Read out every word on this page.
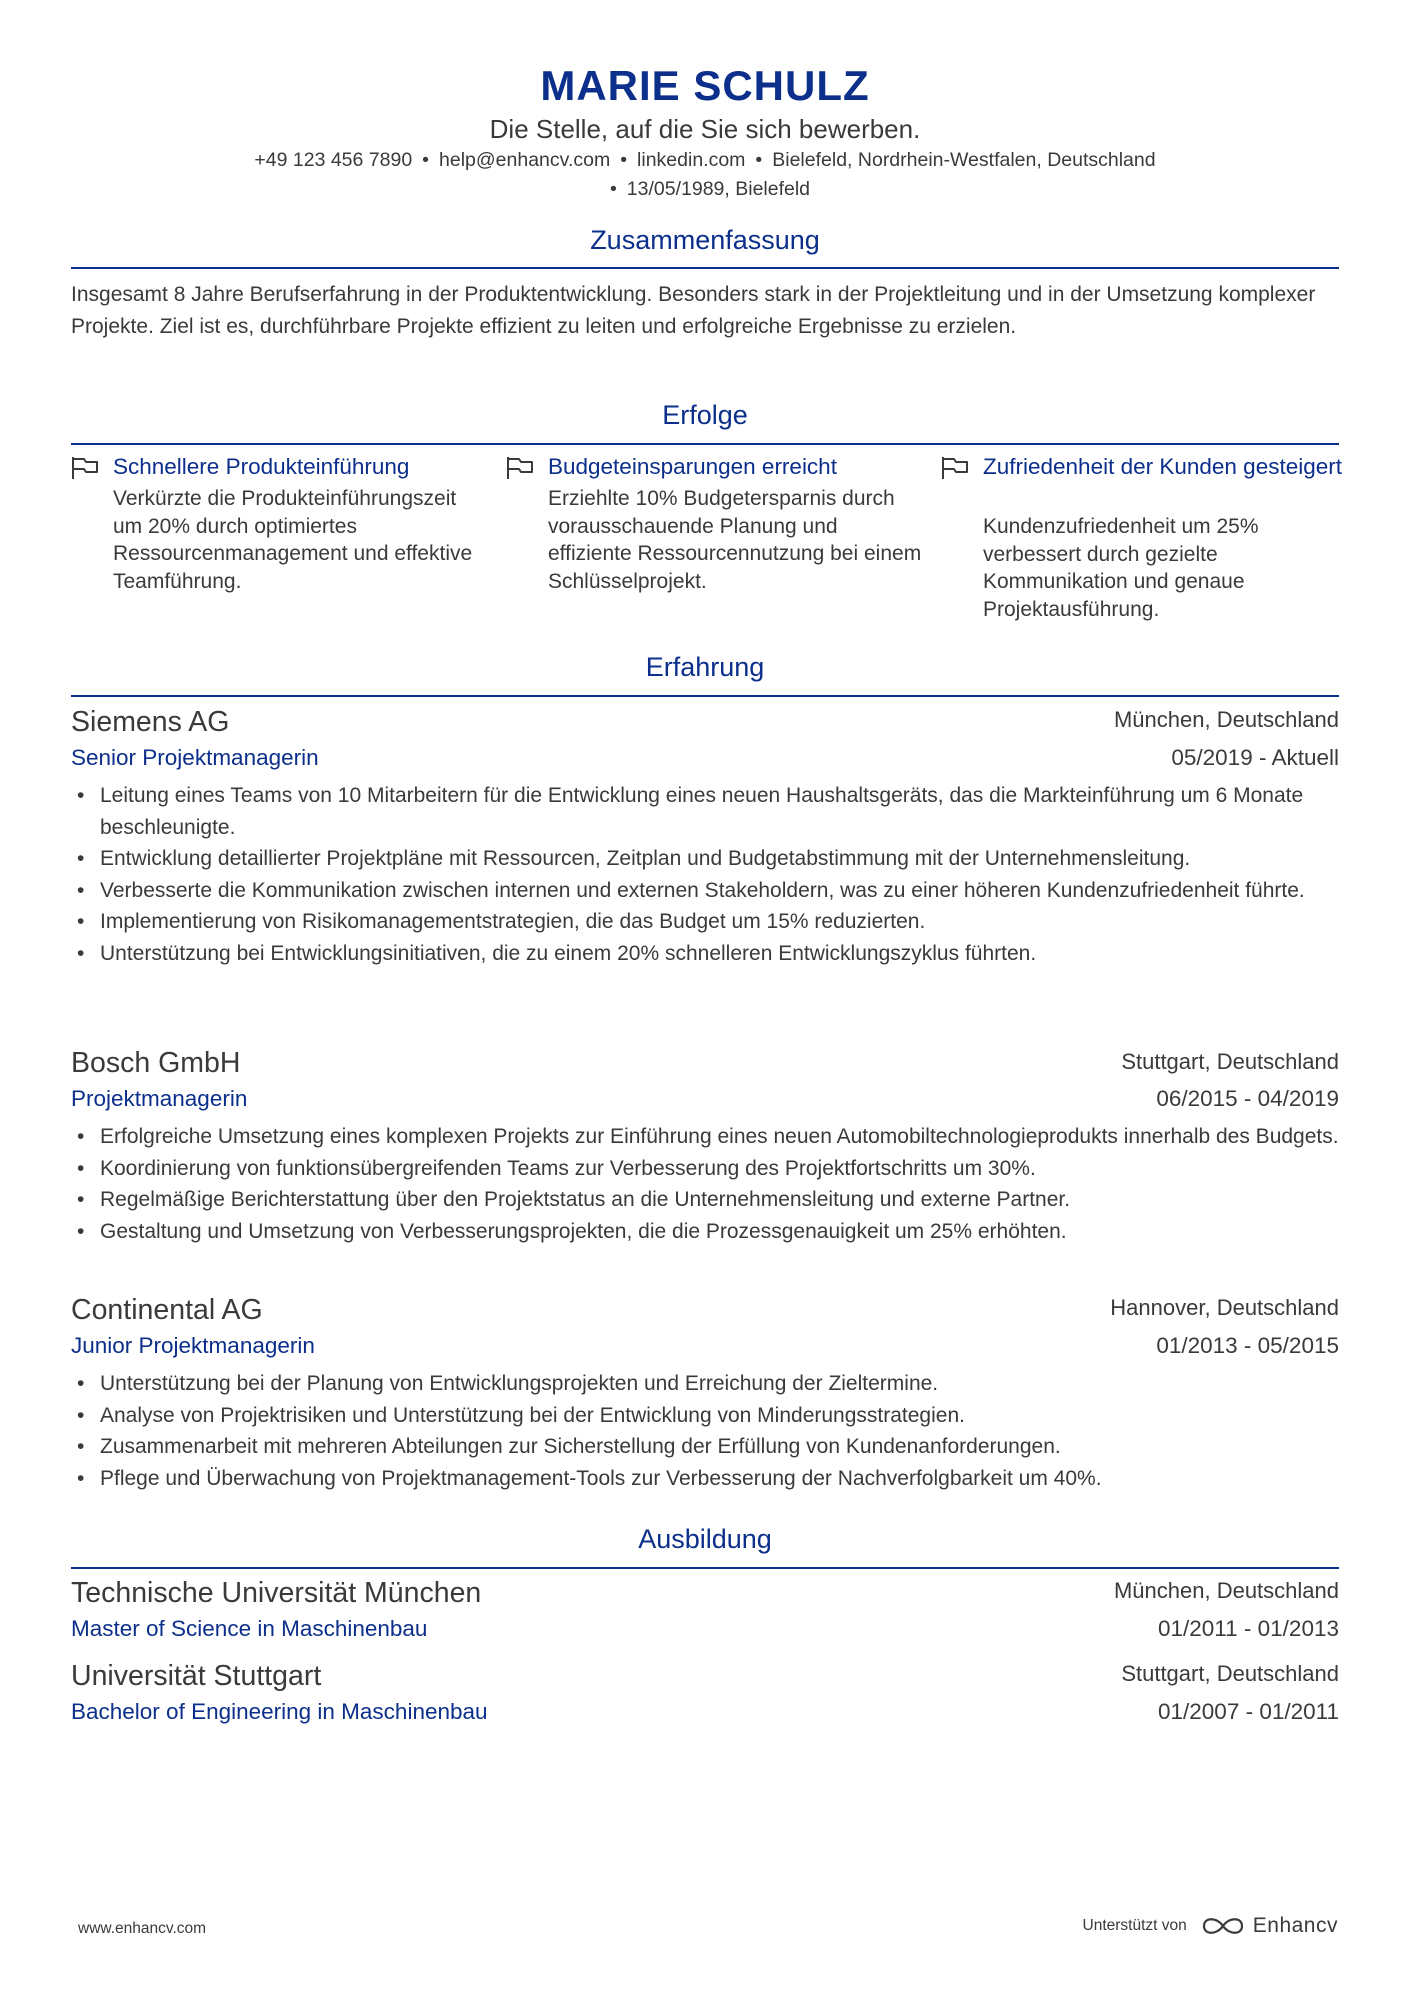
MARIE SCHULZ
Die Stelle, auf die Sie sich bewerben.
+49 123 456 7890 • help@enhancv.com • linkedin.com • Bielefeld, Nordrhein-Westfalen, Deutschland
• 13/05/1989, Bielefeld
Zusammenfassung
Insgesamt 8 Jahre Berufserfahrung in der Produktentwicklung. Besonders stark in der Projektleitung und in der Umsetzung komplexer Projekte. Ziel ist es, durchführbare Projekte effizient zu leiten und erfolgreiche Ergebnisse zu erzielen.
Erfolge
Schnellere Produkteinführung
Verkürzte die Produkteinführungszeit um 20% durch optimiertes Ressourcenmanagement und effektive Teamführung.
Budgeteinsparungen erreicht
Erziehlte 10% Budgetersparnis durch vorausschauende Planung und effiziente Ressourcennutzung bei einem Schlüsselprojekt.
Zufriedenheit der Kunden gesteigert
Kundenzufriedenheit um 25% verbessert durch gezielte Kommunikation und genaue Projektausführung.
Erfahrung
Siemens AG	München, Deutschland
Senior Projektmanagerin	05/2019 - Aktuell
• Leitung eines Teams von 10 Mitarbeitern für die Entwicklung eines neuen Haushaltsgeräts, das die Markteinführung um 6 Monate beschleunigte.
• Entwicklung detaillierter Projektpläne mit Ressourcen, Zeitplan und Budgetabstimmung mit der Unternehmensleitung.
• Verbesserte die Kommunikation zwischen internen und externen Stakeholdern, was zu einer höheren Kundenzufriedenheit führte.
• Implementierung von Risikomanagementstrategien, die das Budget um 15% reduzierten.
• Unterstützung bei Entwicklungsinitiativen, die zu einem 20% schnelleren Entwicklungszyklus führten.
Bosch GmbH	Stuttgart, Deutschland
Projektmanagerin	06/2015 - 04/2019
• Erfolgreiche Umsetzung eines komplexen Projekts zur Einführung eines neuen Automobiltechnologieprodukts innerhalb des Budgets.
• Koordinierung von funktionsübergreifenden Teams zur Verbesserung des Projektfortschritts um 30%.
• Regelmäßige Berichterstattung über den Projektstatus an die Unternehmensleitung und externe Partner.
• Gestaltung und Umsetzung von Verbesserungsprojekten, die die Prozessgenauigkeit um 25% erhöhten.
Continental AG	Hannover, Deutschland
Junior Projektmanagerin	01/2013 - 05/2015
• Unterstützung bei der Planung von Entwicklungsprojekten und Erreichung der Zieltermine.
• Analyse von Projektrisiken und Unterstützung bei der Entwicklung von Minderungsstrategien.
• Zusammenarbeit mit mehreren Abteilungen zur Sicherstellung der Erfüllung von Kundenanforderungen.
• Pflege und Überwachung von Projektmanagement-Tools zur Verbesserung der Nachverfolgbarkeit um 40%.
Ausbildung
Technische Universität München	München, Deutschland
Master of Science in Maschinenbau	01/2011 - 01/2013
Universität Stuttgart	Stuttgart, Deutschland
Bachelor of Engineering in Maschinenbau	01/2007 - 01/2011
www.enhancv.com	Unterstützt von	Enhancv
